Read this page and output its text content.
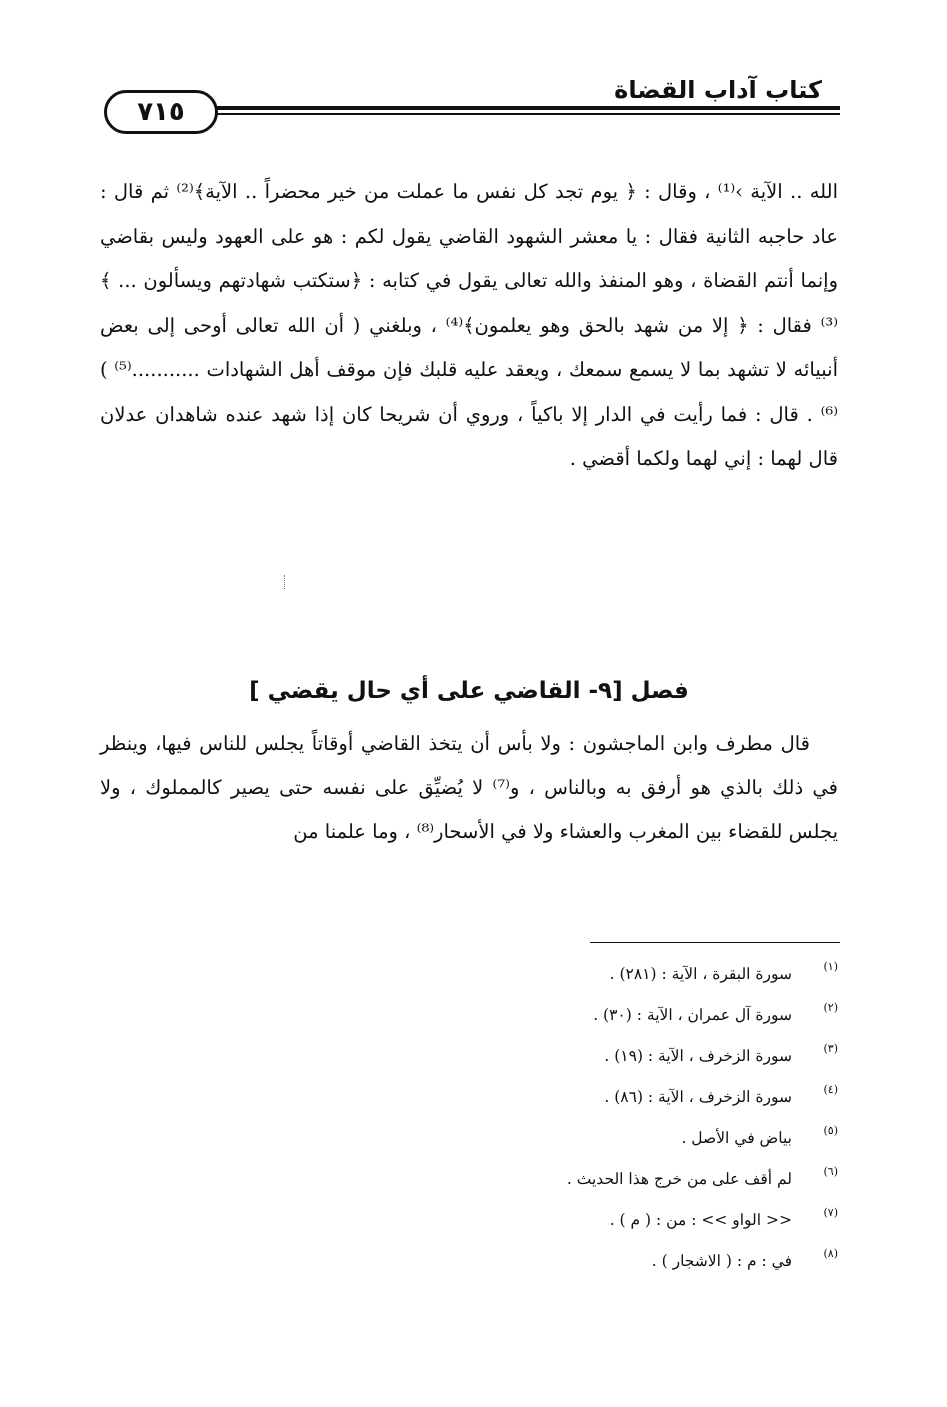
كتاب آداب القضاة
٧١٥

الله .. الآية ›⁽¹⁾ ، وقال : ﴿ يوم تجد كل نفس ما عملت من خير محضراً .. الآية﴾⁽²⁾ ثم قال : عاد حاجبه الثانية فقال : يا معشر الشهود القاضي يقول لكم : هو على العهود وليس بقاضي وإنما أنتم القضاة ، وهو المنفذ والله تعالى يقول في كتابه : ﴿ستكتب شهادتهم ويسألون ... ﴾⁽³⁾ فقال : ﴿ إلا من شهد بالحق وهو يعلمون﴾⁽⁴⁾ ، وبلغني ( أن الله تعالى أوحى إلى بعض أنبيائه لا تشهد بما لا يسمع سمعك ، ويعقد عليه قلبك فإن موقف أهل الشهادات ...........⁽⁵⁾ )⁽⁶⁾ . قال : فما رأيت في الدار إلا باكياً ، وروي أن شريحا كان إذا شهد عنده شاهدان عدلان قال لهما : إني لهما ولكما أقضي .

فصل [٩- القاضي على أي حال يقضي ]

قال مطرف وابن الماجشون : ولا بأس أن يتخذ القاضي أوقاتاً يجلس للناس فيها، وينظر في ذلك بالذي هو أرفق به وبالناس ، و⁽⁷⁾ لا يُضيِّق على نفسه حتى يصير كالمملوك ، ولا يجلس للقضاء بين المغرب والعشاء ولا في الأسحار⁽⁸⁾ ، وما علمنا من

(١)
سورة البقرة ، الآية : (٢٨١) .
(٢)
سورة آل عمران ، الآية : (٣٠) .
(٣)
سورة الزخرف ، الآية : (١٩) .
(٤)
سورة الزخرف ، الآية : (٨٦) .
(٥)
بياض في الأصل .
(٦)
لم أقف على من خرج هذا الحديث .
(٧)
<< الواو >> : من : ( م ) .
(٨)
في : م : ( الاشجار ) .
